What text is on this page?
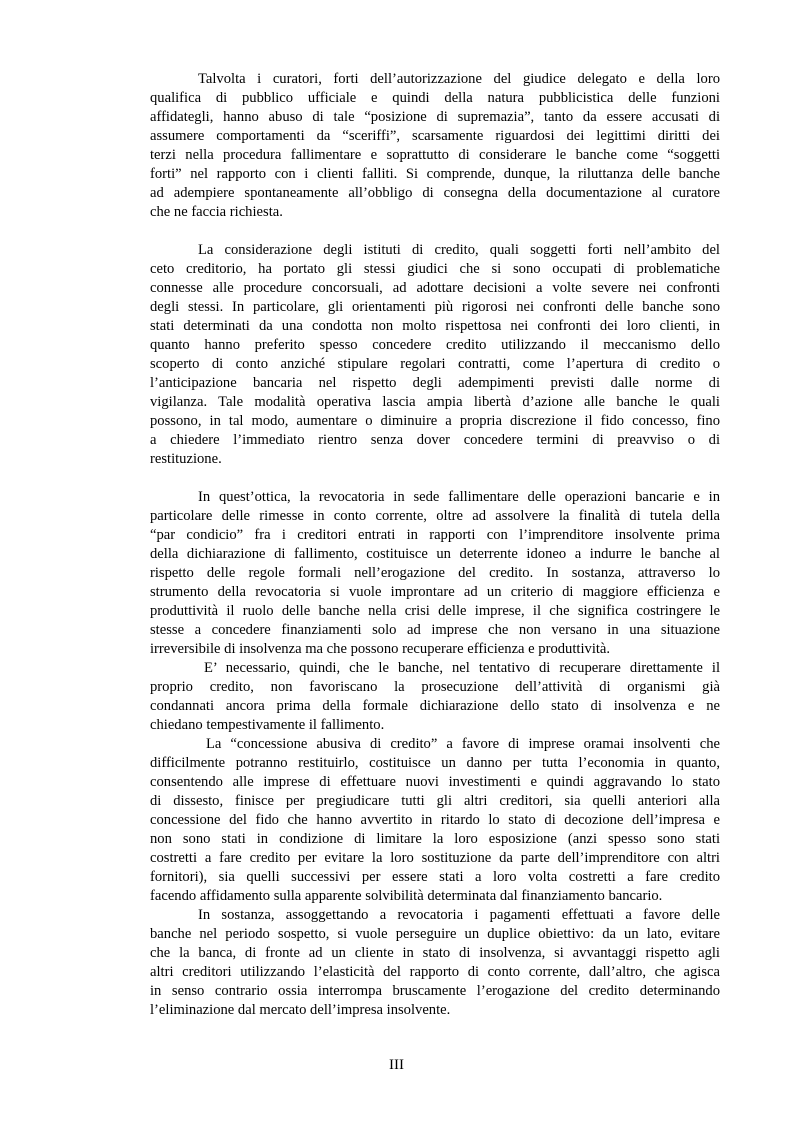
Talvolta i curatori, forti dell’autorizzazione del giudice delegato e della loro
qualifica di pubblico ufficiale e quindi della natura pubblicistica delle funzioni
affidategli, hanno abuso di tale “posizione di supremazia”, tanto da essere accusati di
assumere comportamenti da “sceriffi”, scarsamente riguardosi dei legittimi diritti dei
terzi nella procedura fallimentare e soprattutto di considerare le banche come “soggetti
forti” nel rapporto con i clienti falliti. Si comprende, dunque, la riluttanza delle banche
ad adempiere spontaneamente all’obbligo di consegna della documentazione al curatore
che ne faccia richiesta.
La considerazione degli istituti di credito, quali soggetti forti nell’ambito del
ceto creditorio, ha portato gli stessi giudici che si sono occupati di problematiche
connesse alle procedure concorsuali, ad adottare decisioni a volte severe nei confronti
degli stessi. In particolare, gli orientamenti più rigorosi nei confronti delle banche sono
stati determinati da una condotta non molto rispettosa nei confronti dei loro clienti, in
quanto hanno preferito spesso concedere credito utilizzando il meccanismo dello
scoperto di conto anziché stipulare regolari contratti, come l’apertura di credito o
l’anticipazione bancaria nel rispetto degli adempimenti previsti dalle norme di
vigilanza. Tale modalità operativa lascia ampia libertà d’azione alle banche le quali
possono, in tal modo, aumentare o diminuire a propria discrezione il fido concesso, fino
a chiedere l’immediato rientro senza dover concedere termini di preavviso o di
restituzione.
In quest’ottica, la revocatoria in sede fallimentare delle operazioni bancarie e in
particolare delle rimesse in conto corrente, oltre ad assolvere la finalità di tutela della
“par condicio” fra i creditori entrati in rapporti con l’imprenditore insolvente prima
della dichiarazione di fallimento, costituisce un deterrente idoneo a indurre le banche al
rispetto delle regole formali nell’erogazione del credito. In sostanza, attraverso lo
strumento della revocatoria si vuole improntare ad un criterio di maggiore efficienza e
produttività il ruolo delle banche nella crisi delle imprese, il che significa costringere le
stesse a concedere finanziamenti solo ad imprese che non versano in una situazione
irreversibile di insolvenza ma che possono recuperare efficienza e produttività.
E’ necessario, quindi, che le banche, nel tentativo di recuperare direttamente il
proprio credito, non favoriscano la prosecuzione dell’attività di organismi già
condannati ancora prima della formale dichiarazione dello stato di insolvenza e ne
chiedano tempestivamente il fallimento.
La “concessione abusiva di credito” a favore di imprese oramai insolventi che
difficilmente potranno restituirlo, costituisce un danno per tutta l’economia in quanto,
consentendo alle imprese di effettuare nuovi investimenti e quindi aggravando lo stato
di dissesto, finisce per pregiudicare tutti gli altri creditori, sia quelli anteriori alla
concessione del fido che hanno avvertito in ritardo lo stato di decozione dell’impresa e
non sono stati in condizione di limitare la loro esposizione (anzi spesso sono stati
costretti a fare credito per evitare la loro sostituzione da parte dell’imprenditore con altri
fornitori), sia quelli successivi per essere stati a loro volta costretti a fare credito
facendo affidamento sulla apparente solvibilità determinata dal finanziamento bancario.
In sostanza, assoggettando a revocatoria i pagamenti effettuati a favore delle
banche nel periodo sospetto, si vuole perseguire un duplice obiettivo: da un lato, evitare
che la banca, di fronte ad un cliente in stato di insolvenza, si avvantaggi rispetto agli
altri creditori utilizzando l’elasticità del rapporto di conto corrente, dall’altro, che agisca
in senso contrario ossia interrompa bruscamente l’erogazione del credito determinando
l’eliminazione dal mercato dell’impresa insolvente.
III
